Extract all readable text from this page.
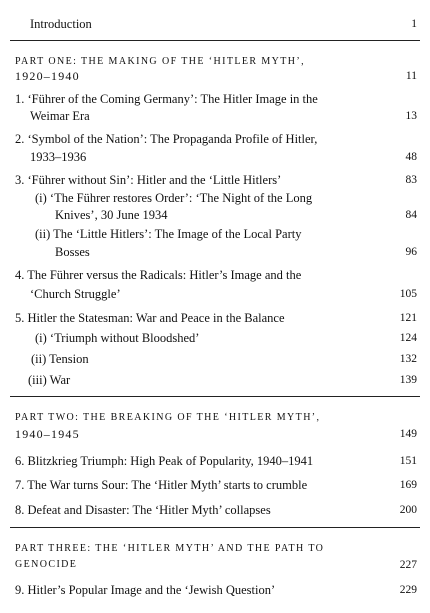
Introduction	1
PART ONE: THE MAKING OF THE ‘HITLER MYTH’,
1920–1940	11
1. ‘Führer of the Coming Germany’: The Hitler Image in the
Weimar Era	13
2. ‘Symbol of the Nation’: The Propaganda Profile of Hitler,
1933–1936	48
3. ‘Führer without Sin’: Hitler and the ‘Little Hitlers’	83
(i) ‘The Führer restores Order’: ‘The Night of the Long
Knives’, 30 June 1934	84
(ii) The ‘Little Hitlers’: The Image of the Local Party
Bosses	96
4. The Führer versus the Radicals: Hitler’s Image and the
‘Church Struggle’	105
5. Hitler the Statesman: War and Peace in the Balance	121
(i) ‘Triumph without Bloodshed’	124
(ii) Tension	132
(iii) War	139
PART TWO: THE BREAKING OF THE ‘HITLER MYTH’,
1940–1945	149
6. Blitzkrieg Triumph: High Peak of Popularity, 1940–1941	151
7. The War turns Sour: The ‘Hitler Myth’ starts to crumble	169
8. Defeat and Disaster: The ‘Hitler Myth’ collapses	200
PART THREE: THE ‘HITLER MYTH’ AND THE PATH TO
GENOCIDE	227
9. Hitler’s Popular Image and the ‘Jewish Question’	229
